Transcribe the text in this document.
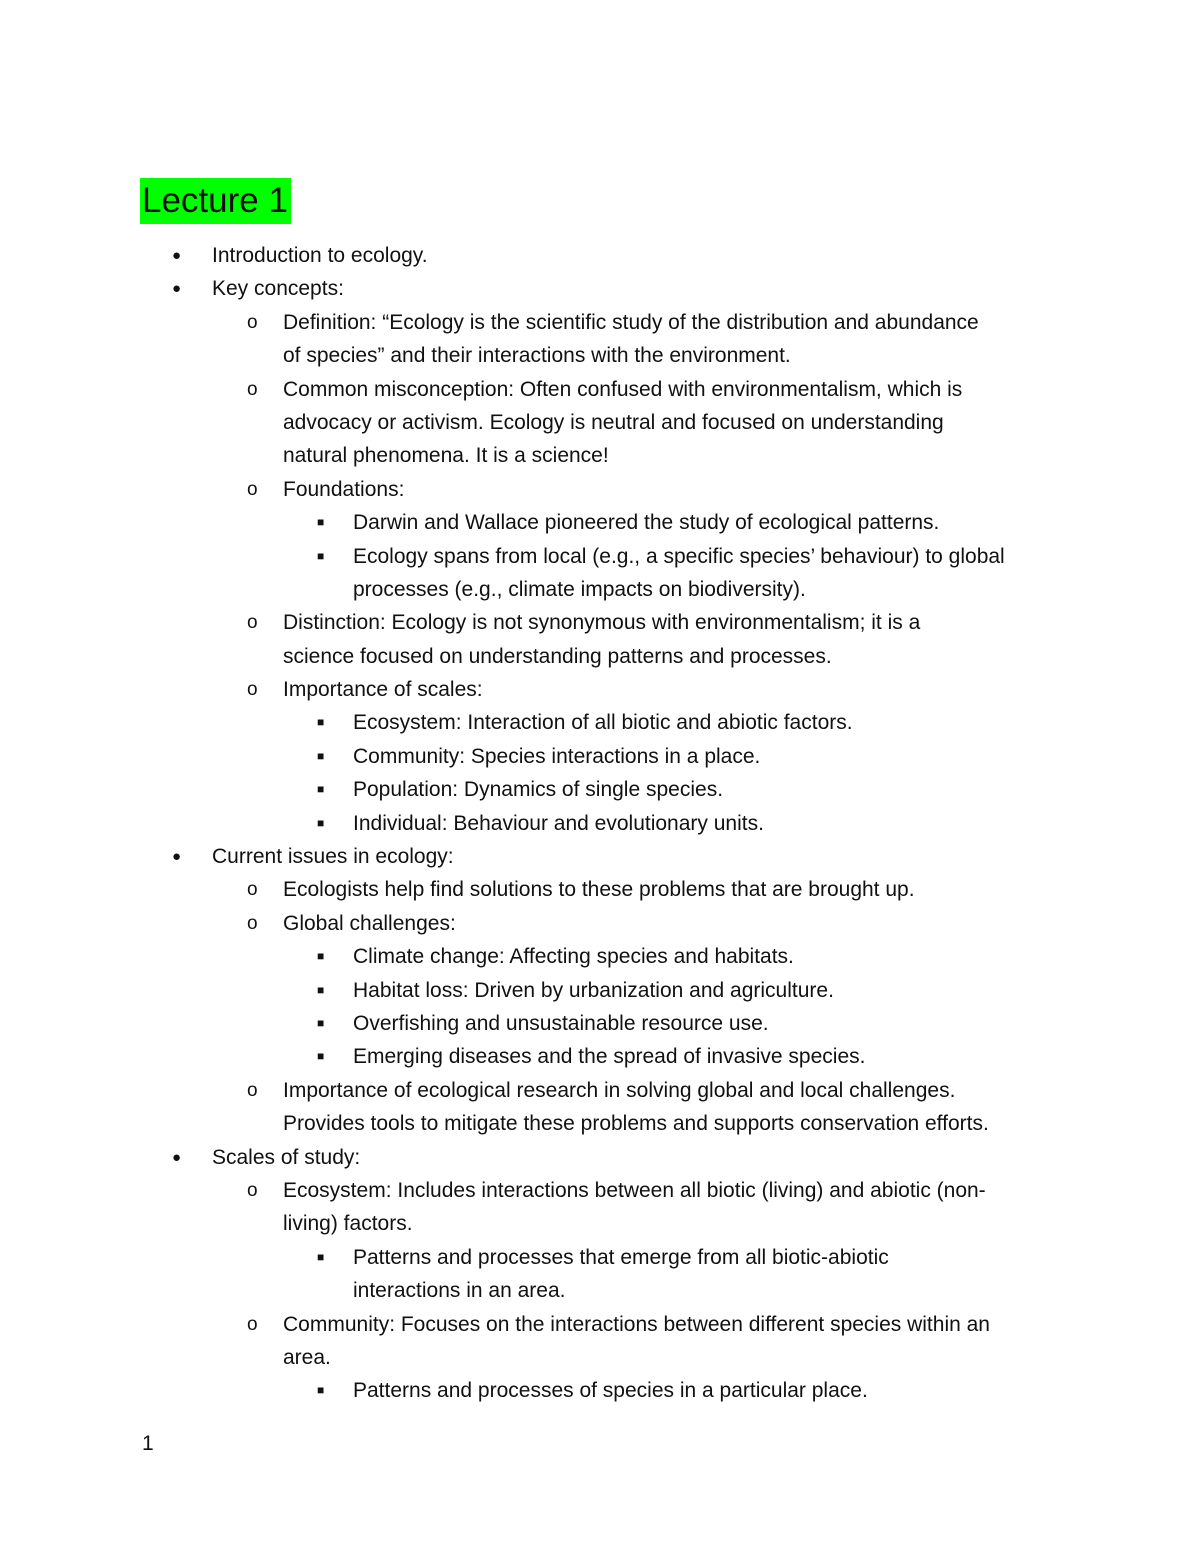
Lecture 1
● Introduction to ecology.
● Key concepts:
o Definition: “Ecology is the scientific study of the distribution and abundance
of species” and their interactions with the environment.
o Common misconception: Often confused with environmentalism, which is
advocacy or activism. Ecology is neutral and focused on understanding
natural phenomena. It is a science!
o Foundations:
■ Darwin and Wallace pioneered the study of ecological patterns.
■ Ecology spans from local (e.g., a specific species’ behaviour) to global
processes (e.g., climate impacts on biodiversity).
o Distinction: Ecology is not synonymous with environmentalism; it is a
science focused on understanding patterns and processes.
o Importance of scales:
■ Ecosystem: Interaction of all biotic and abiotic factors.
■ Community: Species interactions in a place.
■ Population: Dynamics of single species.
■ Individual: Behaviour and evolutionary units.
● Current issues in ecology:
o Ecologists help find solutions to these problems that are brought up.
o Global challenges:
■ Climate change: Affecting species and habitats.
■ Habitat loss: Driven by urbanization and agriculture.
■ Overfishing and unsustainable resource use.
■ Emerging diseases and the spread of invasive species.
o Importance of ecological research in solving global and local challenges.
Provides tools to mitigate these problems and supports conservation efforts.
● Scales of study:
o Ecosystem: Includes interactions between all biotic (living) and abiotic (non-
living) factors.
■ Patterns and processes that emerge from all biotic-abiotic
interactions in an area.
o Community: Focuses on the interactions between different species within an
area.
■ Patterns and processes of species in a particular place.
1
